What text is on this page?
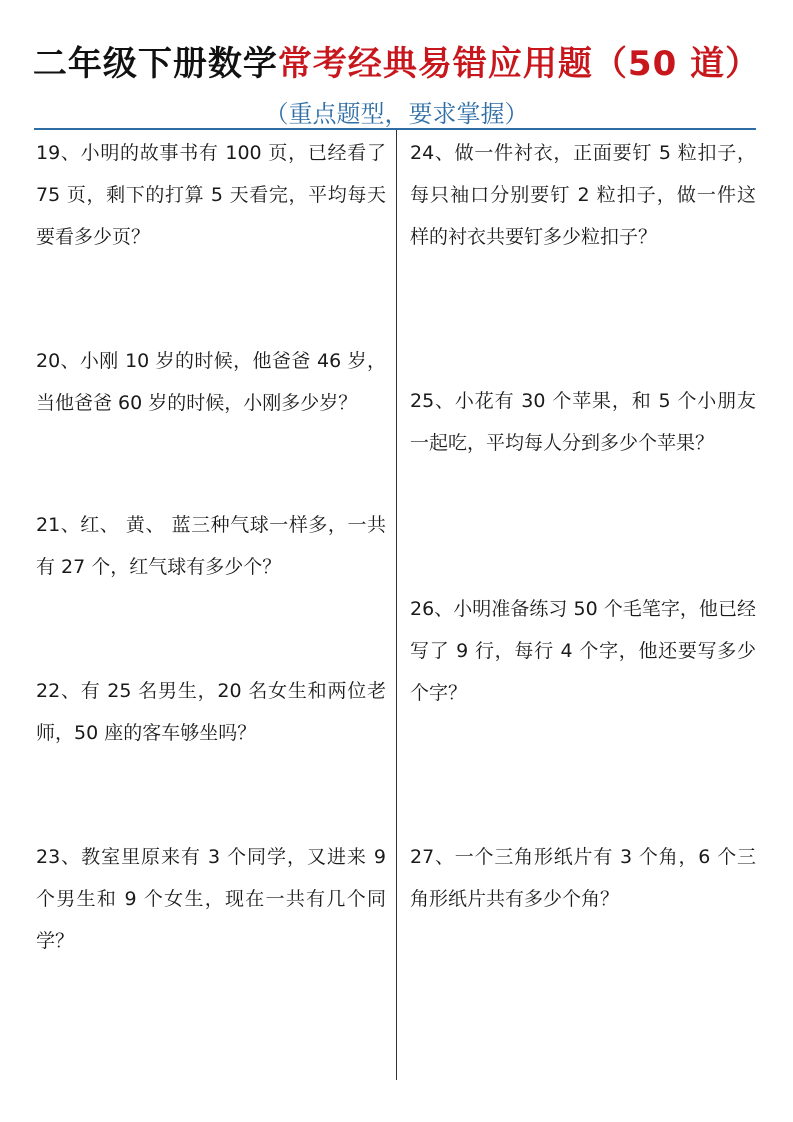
二年级下册数学常考经典易错应用题（50 道）
（重点题型，要求掌握）

19、小明的故事书有 100 页，已经看了 75 页，剩下的打算 5 天看完，平均每天要看多少页？

20、小刚 10 岁的时候，他爸爸 46 岁，当他爸爸 60 岁的时候，小刚多少岁？

21、红、 黄、 蓝三种气球一样多，一共有 27 个，红气球有多少个？

22、有 25 名男生，20 名女生和两位老师，50 座的客车够坐吗？

23、教室里原来有 3 个同学，又进来 9 个男生和 9 个女生，现在一共有几个同学？

24、做一件衬衣，正面要钉 5 粒扣子，每只袖口分别要钉 2 粒扣子，做一件这样的衬衣共要钉多少粒扣子？

25、小花有 30 个苹果，和 5 个小朋友一起吃，平均每人分到多少个苹果？

26、小明准备练习 50 个毛笔字，他已经写了 9 行，每行 4 个字，他还要写多少个字？

27、一个三角形纸片有 3 个角，6 个三角形纸片共有多少个角？
